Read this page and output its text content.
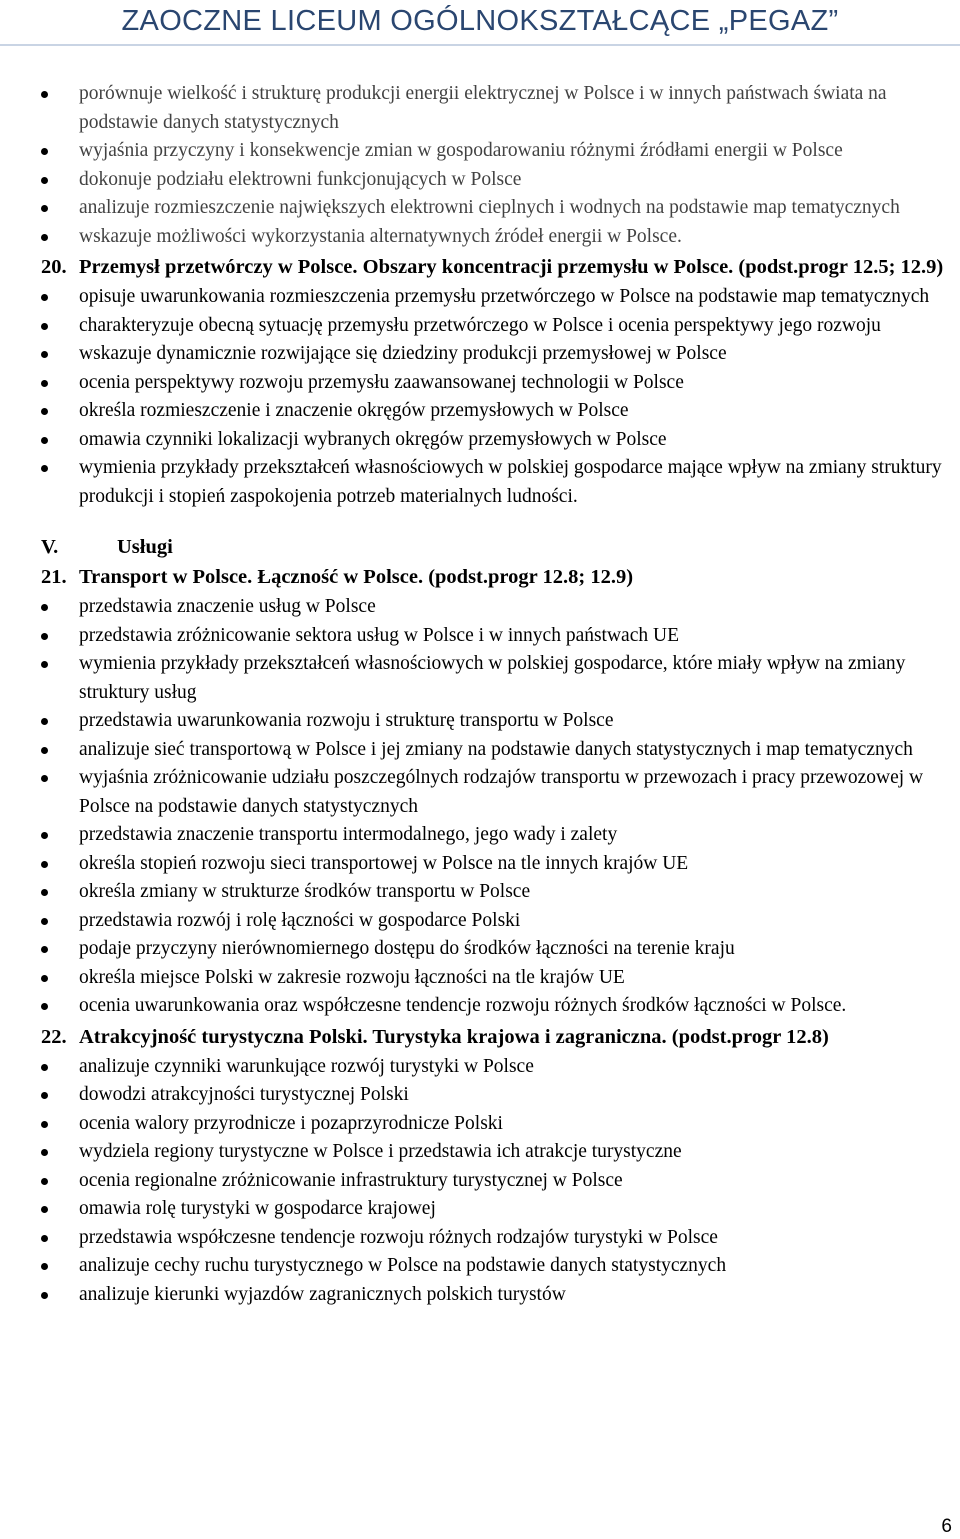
ZAOCZNE LICEUM OGÓLNOKSZTAŁCĄCE „PEGAZ”
porównuje wielkość i strukturę produkcji energii elektrycznej w Polsce i w innych państwach świata na podstawie danych statystycznych
wyjaśnia przyczyny i konsekwencje zmian w gospodarowaniu różnymi źródłami energii w Polsce
dokonuje podziału elektrowni funkcjonujących w Polsce
analizuje rozmieszczenie największych elektrowni cieplnych i wodnych na podstawie map tematycznych
wskazuje możliwości wykorzystania alternatywnych źródeł energii w Polsce.
20. Przemysł przetwórczy w Polsce. Obszary koncentracji przemysłu w Polsce. (podst.progr 12.5; 12.9)
opisuje uwarunkowania rozmieszczenia przemysłu przetwórczego w Polsce na podstawie map tematycznych
charakteryzuje obecną sytuację przemysłu przetwórczego w Polsce i ocenia perspektywy jego rozwoju
wskazuje dynamicznie rozwijające się dziedziny produkcji przemysłowej w Polsce
ocenia perspektywy rozwoju przemysłu zaawansowanej technologii w Polsce
określa rozmieszczenie i znaczenie okręgów przemysłowych w Polsce
omawia czynniki lokalizacji wybranych okręgów przemysłowych w Polsce
wymienia przykłady przekształceń własnościowych w polskiej gospodarce mające wpływ na zmiany struktury produkcji i stopień zaspokojenia potrzeb materialnych ludności.
V.	Usługi
21. Transport w Polsce. Łączność w Polsce. (podst.progr 12.8; 12.9)
przedstawia znaczenie usług w Polsce
przedstawia zróżnicowanie sektora usług w Polsce i w innych państwach UE
wymienia przykłady przekształceń własnościowych w polskiej gospodarce, które miały wpływ na zmiany struktury usług
przedstawia uwarunkowania rozwoju i strukturę transportu w Polsce
analizuje sieć transportową w Polsce i jej zmiany na podstawie danych statystycznych i map tematycznych
wyjaśnia zróżnicowanie udziału poszczególnych rodzajów transportu w przewozach i pracy przewozowej w Polsce na podstawie danych statystycznych
przedstawia znaczenie transportu intermodalnego, jego wady i zalety
określa stopień rozwoju sieci transportowej w Polsce na tle innych krajów UE
określa zmiany w strukturze środków transportu w Polsce
przedstawia rozwój i rolę łączności w gospodarce Polski
podaje przyczyny nierównomiernego dostępu do środków łączności na terenie kraju
określa miejsce Polski w zakresie rozwoju łączności na tle krajów UE
ocenia uwarunkowania oraz współczesne tendencje rozwoju różnych środków łączności w Polsce.
22. Atrakcyjność turystyczna Polski. Turystyka krajowa i zagraniczna. (podst.progr 12.8)
analizuje czynniki warunkujące rozwój turystyki w Polsce
dowodzi atrakcyjności turystycznej Polski
ocenia walory przyrodnicze i pozaprzyrodnicze Polski
wydziela regiony turystyczne w Polsce i przedstawia ich atrakcje turystyczne
ocenia regionalne zróżnicowanie infrastruktury turystycznej w Polsce
omawia rolę turystyki w gospodarce krajowej
przedstawia współczesne tendencje rozwoju różnych rodzajów turystyki w Polsce
analizuje cechy ruchu turystycznego w Polsce na podstawie danych statystycznych
analizuje kierunki wyjazdów zagranicznych polskich turystów
6
